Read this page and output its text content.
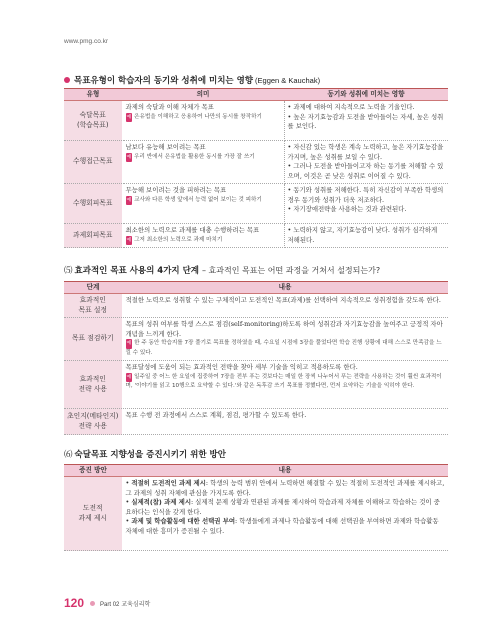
www.pmg.co.kr
목표유형이 학습자의 동기와 성취에 미치는 영향 (Eggen & Kauchak)
유형	의미	동기와 성취에 미치는 영향
숙달목표
(학습목표)	과제의 숙달과 이해 자체가 목표
예 은유법을 이해하고 응용하여 나만의 동시를 창작하기	• 과제에 대하여 지속적으로 노력을 기울인다.
• 높은 자기효능감과 도전을 받아들이는 자세, 높은 성취를 보인다.

수행접근목표	남보다 유능해 보이려는 목표
예 우리 반에서 은유법을 활용한 동시를 가장 잘 쓰기	• 자신감 있는 학생은 계속 노력하고, 높은 자기효능감을 가지며, 높은 성취를 보일 수 있다.
• 그러나 도전을 받아들이고자 하는 동기를 저해할 수 있으며, 이것은 곧 낮은 성취로 이어질 수 있다.

수행회피목표	무능해 보이려는 것을 피하려는 목표
예 교사와 다른 학생 앞에서 능력 없어 보이는 것 피하기	• 동기와 성취를 저해한다. 특히 자신감이 부족한 학생의 경우 동기와 성취가 더욱 저조하다.
• 자기장애전략을 사용하는 것과 관련된다.

과제회피목표	최소한의 노력으로 과제를 대충 수행하려는 목표
예 그저 최소한의 노력으로 과제 마치기	• 노력하지 않고, 자기효능감이 낮다. 성취가 심각하게 저해된다.
⑸ 효과적인 목표 사용의 4가지 단계 – 효과적인 목표는 어떤 과정을 거쳐서 설정되는가?
단계	내용
효과적인
목표 설정	적절한 노력으로 성취할 수 있는 구체적이고 도전적인 목표(과제)를 선택하여 지속적으로 성취경험을 갖도록 한다.

목표 점검하기	목표의 성취 여부를 학생 스스로 점검(self-monitoring)하도록 하여 성취감과 자기효능감을 높여주고 긍정적 자아개념을 느끼게 한다.
예 한 주 동안 학습지를 7장 풀기로 목표를 정하였을 때, 수요일 시점에 3장을 풀었다면 학습 진행 상황에 대해 스스로 만족감을 느낄 수 있다.

효과적인
전략 사용	목표달성에 도움이 되는 효과적인 전략을 찾아 세부 기술을 익히고 적용하도록 한다.
예 일주일 중 어느 한 요일에 집중하여 7장을 전부 푸는 것보다는 매일 한 장씩 나누어서 푸는 전략을 사용하는 것이 훨씬 효과적이며, '이야기를 읽고 10행으로 요약할 수 있다.'와 같은 독후감 쓰기 목표를 정했다면, 먼저 요약하는 기술을 익히야 한다.

초인지(메타인지)
전략 사용	목표 수행 전 과정에서 스스로 계획, 점검, 평가할 수 있도록 한다.
⑹ 숙달목표 지향성을 증진시키기 위한 방안
증진 방안	내용
도전적
과제 제시	• 적절히 도전적인 과제 제시: 학생의 능력 범위 안에서 노력하면 해결할 수 있는 적절히 도전적인 과제를 제시하고, 그 과제의 성취 자체에 관심을 가지도록 한다.
• 실제적(참) 과제 제시: 실제적 문제 상황과 연관된 과제를 제시하여 학습과제 자체를 이해하고 학습하는 것이 중요하다는 인식을 갖게 한다.
• 과제 및 학습활동에 대한 선택권 부여: 학생들에게 과제나 학습활동에 대해 선택권을 부여하면 과제와 학습활동 자체에 대한 흥미가 증진될 수 있다.
120	Part 02 교육심리학
